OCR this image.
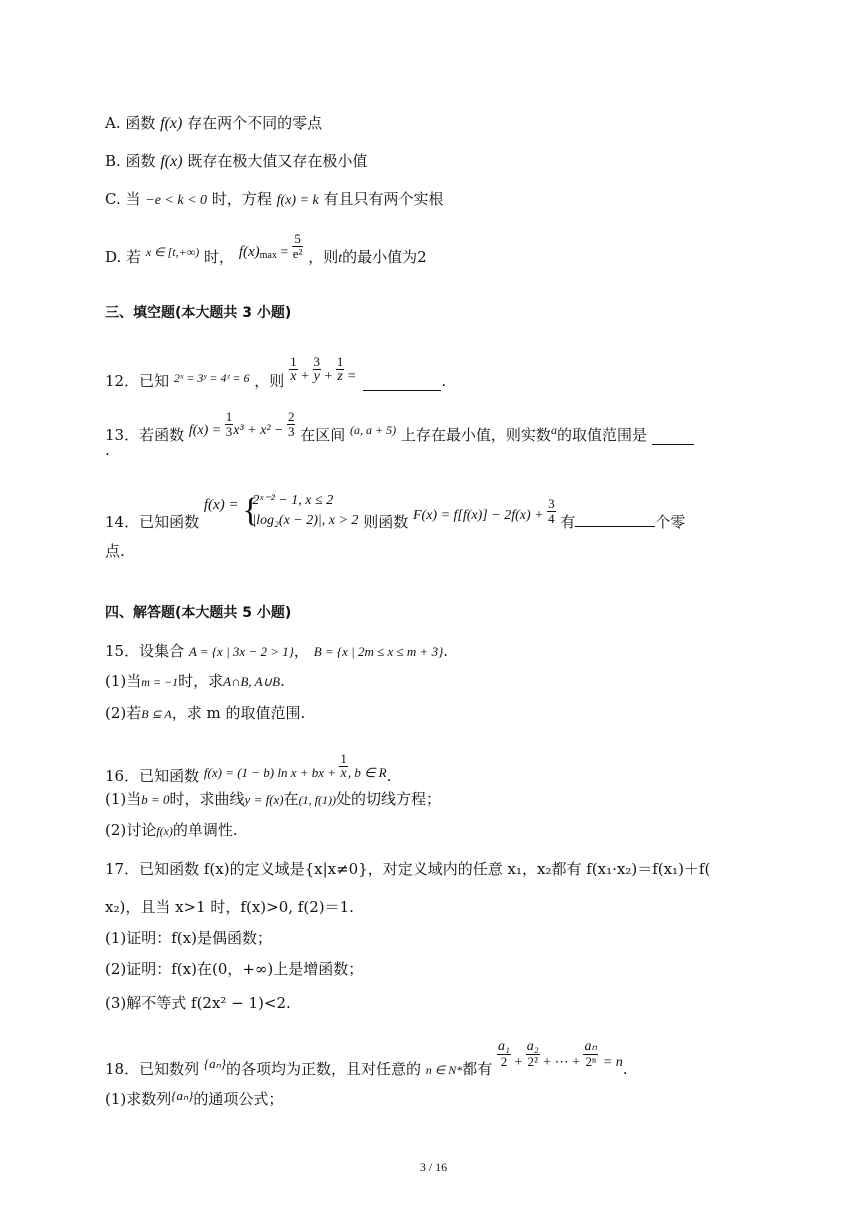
A. 函数 f(x) 存在两个不同的零点
B. 函数 f(x) 既存在极大值又存在极小值
C. 当 −e < k < 0 时，方程 f(x) = k 有且只有两个实根
D. 若 $^{x \in [t,+\infty)}$ 时， $f(x)_{max} = \frac{5}{\text{e²}}$ ，则t的最小值为2
三、填空题(本大题共 3 小题)
12．已知 $^{2ˣ = 3ʸ = 4ᶻ = 6}$ ，则 $\frac{1}{x} + \frac{3}{y} + \frac{1}{z}$ =	.
13．若函数 $f(x) = \frac{1}{3} x^3 + x^2 - \frac{2}{3}$ 在区间 $^{(a, a + 5)}$ 上存在最小值，则实数$^a$的取值范围是
.
14．已知函数 f(x) = {
2ˣ⁻² − 1, x ≤ 2
|log₂(x − 2)|, x > 2 则函数 $F(x) = f[f(x)] - 2f(x) + \frac{3}{4}$ 有	个零
点.
四、解答题(本大题共 5 小题)
15．设集合 A = {x | 3x − 2 > 1}， B = {x | 2m ≤ x ≤ m + 3}.
(1)当m = −1时，求A∩B, A∪B.
(2)若B ⊆ A，求 m 的取值范围.
16．已知函数 f(x) = (1 − b) ln x + bx + $\frac{1}{x}$ , b ∈ R.
(1)当b = 0时，求曲线y = f(x)在(1, f(1))处的切线方程；
(2)讨论f(x)的单调性.
17．已知函数 f(x)的定义域是{x|x≠0}，对定义域内的任意 x₁，x₂都有 f(x₁·x₂)＝f(x₁)＋f(
x₂)，且当 x>1 时，f(x)>0, f(2)＝1.
(1)证明：f(x)是偶函数；
(2)证明：f(x)在(0，+∞)上是增函数；
(3)解不等式 f(2x² − 1)<2.
18．已知数列 {aₙ}的各项均为正数，且对任意的 n ∈ N*都有 $\frac{\text{a₁}}{2} + \frac{\text{a₂}}{\text{2²}}$ + ⋯ + $\frac{\text{aₙ}}{\text{2ⁿ}} = n$.
(1)求数列{aₙ}的通项公式；
3 / 16
